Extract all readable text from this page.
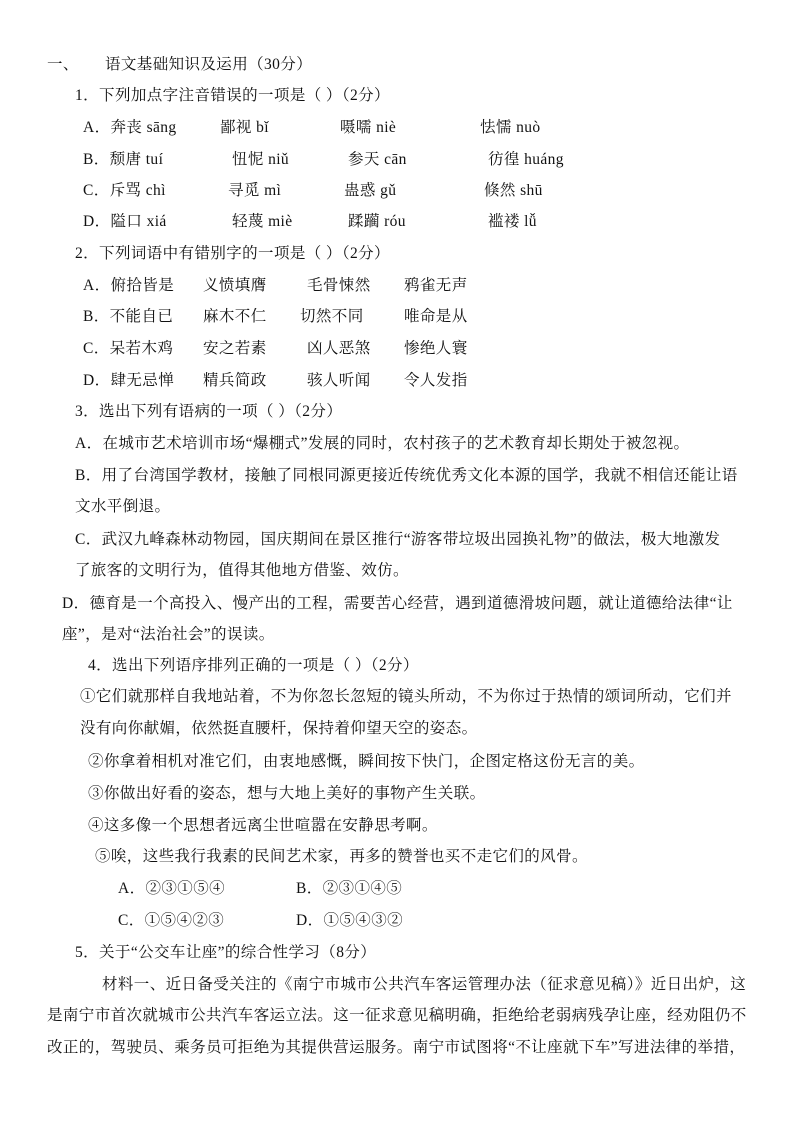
一、 语文基础知识及运用（30分）
1．下列加点字注音错误的一项是（ ）（2分）
A．奔丧 sāng	鄙视 bǐ	嗫嚅 niè	怯懦 nuò
B．颓唐 tuí	忸怩 niǔ	参天 cān	彷徨 huáng
C．斥骂 chì	寻觅 mì	蛊惑 gǔ	倏然 shū
D．隘口 xiá	轻蔑 miè	蹂躏 róu	褴褛 lǚ
2．下列词语中有错别字的一项是（ ）（2分）
A．俯拾皆是 义愤填膺	毛骨悚然 鸦雀无声
B．不能自已 麻木不仁 切然不同	唯命是从
C．呆若木鸡 安之若素	凶人恶煞 惨绝人寰
D．肆无忌惮 精兵简政	骇人听闻 令人发指
3．选出下列有语病的一项（ ）（2分）
A．在城市艺术培训市场“爆棚式”发展的同时，农村孩子的艺术教育却长期处于被忽视。
B．用了台湾国学教材，接触了同根同源更接近传统优秀文化本源的国学，我就不相信还能让语
文水平倒退。
C．武汉九峰森林动物园，国庆期间在景区推行“游客带垃圾出园换礼物”的做法，极大地激发
了旅客的文明行为，值得其他地方借鉴、效仿。
D．德育是一个高投入、慢产出的工程，需要苦心经营，遇到道德滑坡问题，就让道德给法律“让
座”，是对“法治社会”的误读。
4．选出下列语序排列正确的一项是（ ）（2分）
①它们就那样自我地站着，不为你忽长忽短的镜头所动，不为你过于热情的颂词所动，它们并
没有向你献媚，依然挺直腰杆，保持着仰望天空的姿态。
②你拿着相机对准它们，由衷地感慨，瞬间按下快门，企图定格这份无言的美。
③你做出好看的姿态，想与大地上美好的事物产生关联。
④这多像一个思想者远离尘世喧嚣在安静思考啊。
⑤唉，这些我行我素的民间艺术家，再多的赞誉也买不走它们的风骨。
A．②③①⑤④	B．②③①④⑤
C．①⑤④②③	D．①⑤④③②
5．关于“公交车让座”的综合性学习（8分）
材料一、近日备受关注的《南宁市城市公共汽车客运管理办法（征求意见稿）》近日出炉，这
是南宁市首次就城市公共汽车客运立法。这一征求意见稿明确，拒绝给老弱病残孕让座，经劝阻仍不
改正的，驾驶员、乘务员可拒绝为其提供营运服务。南宁市试图将“不让座就下车”写进法律的举措，
